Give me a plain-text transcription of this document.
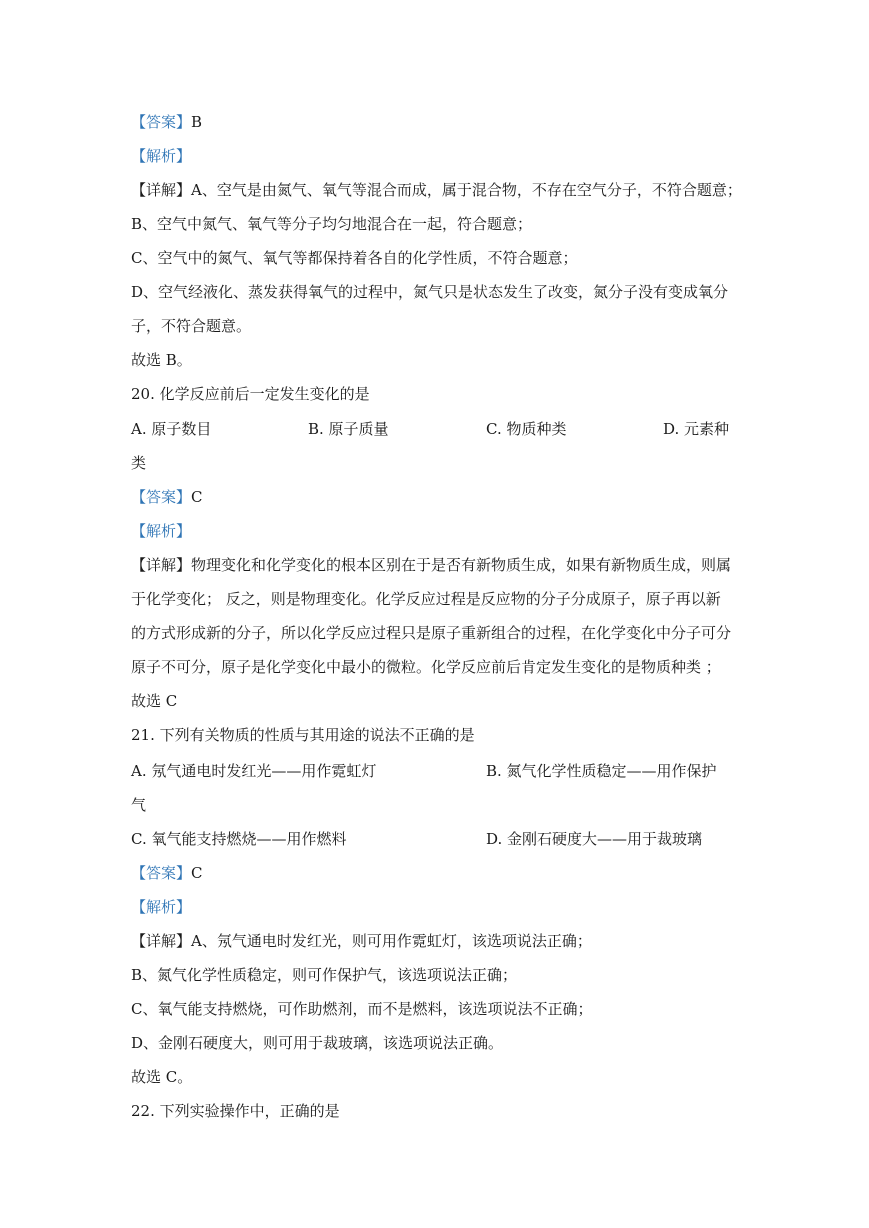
【答案】B
【解析】
【详解】A、空气是由氮气、氧气等混合而成，属于混合物，不存在空气分子，不符合题意；
B、空气中氮气、氧气等分子均匀地混合在一起，符合题意；
C、空气中的氮气、氧气等都保持着各自的化学性质，不符合题意；
D、空气经液化、蒸发获得氧气的过程中，氮气只是状态发生了改变，氮分子没有变成氧分
子，不符合题意。
故选 B。
20. 化学反应前后一定发生变化的是
A. 原子数目	B. 原子质量	C. 物质种类	D. 元素种
类
【答案】C
【解析】
【详解】物理变化和化学变化的根本区别在于是否有新物质生成，如果有新物质生成，则属
于化学变化； 反之，则是物理变化。化学反应过程是反应物的分子分成原子，原子再以新
的方式形成新的分子，所以化学反应过程只是原子重新组合的过程，在化学变化中分子可分
原子不可分，原子是化学变化中最小的微粒。化学反应前后肯定发生变化的是物质种类 ；
故选 C
21. 下列有关物质的性质与其用途的说法不正确的是
A. 氖气通电时发红光——用作霓虹灯	B. 氮气化学性质稳定——用作保护
气
C. 氧气能支持燃烧——用作燃料	D. 金刚石硬度大——用于裁玻璃
【答案】C
【解析】
【详解】A、氖气通电时发红光，则可用作霓虹灯，该选项说法正确；
B、氮气化学性质稳定，则可作保护气，该选项说法正确；
C、氧气能支持燃烧，可作助燃剂，而不是燃料，该选项说法不正确；
D、金刚石硬度大，则可用于裁玻璃，该选项说法正确。
故选 C。
22. 下列实验操作中，正确的是
